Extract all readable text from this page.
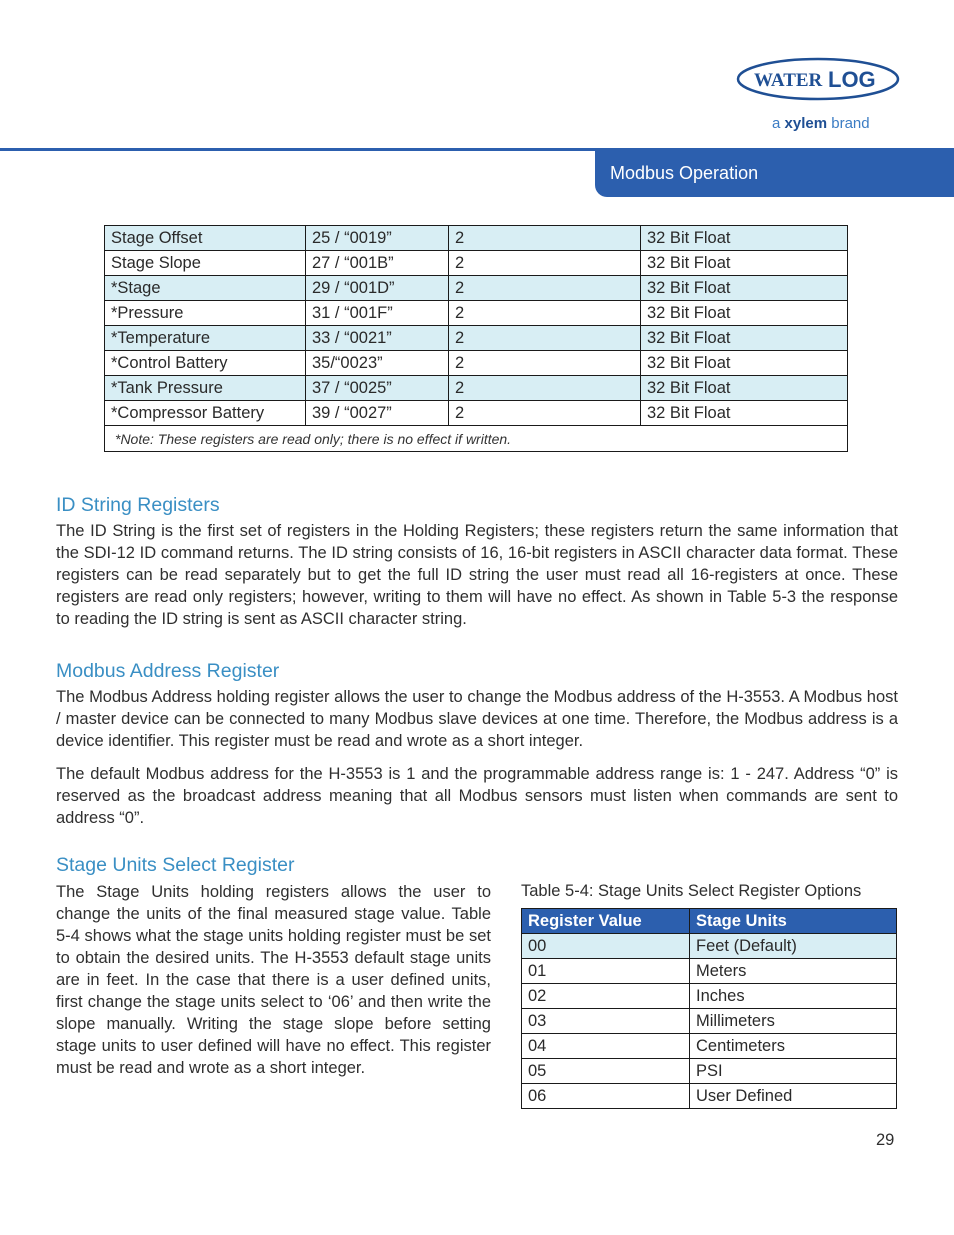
WATER LOG
a xylem brand
Modbus Operation
Stage Offset	25 / “0019”	2	32 Bit Float
Stage Slope	27 / “001B”	2	32 Bit Float
*Stage	29 / “001D”	2	32 Bit Float
*Pressure	31 / “001F”	2	32 Bit Float
*Temperature	33 / “0021”	2	32 Bit Float
*Control Battery	35/“0023”	2	32 Bit Float
*Tank Pressure	37 / “0025”	2	32 Bit Float
*Compressor Battery	39 / “0027”	2	32 Bit Float
*Note: These registers are read only; there is no effect if written.			
ID String Registers

The ID String is the first set of registers in the Holding Registers; these registers return the same information that the SDI-12 ID command returns. The ID string consists of 16, 16-bit registers in ASCII character data format. These registers can be read separately but to get the full ID string the user must read all 16-registers at once. These registers are read only registers; however, writing to them will have no effect. As shown in Table 5-3 the response to reading the ID string is sent as ASCII character string.

Modbus Address Register

The Modbus Address holding register allows the user to change the Modbus address of the H-3553. A Modbus host / master device can be connected to many Modbus slave devices at one time. Therefore, the Modbus address is a device identifier. This register must be read and wrote as a short integer.

The default Modbus address for the H-3553 is 1 and the programmable address range is: 1 - 247. Address “0” is reserved as the broadcast address meaning that all Modbus sensors must listen when commands are sent to address “0”.

Stage Units Select Register

The Stage Units holding registers allows the user to change the units of the final measured stage value. Table 5-4 shows what the stage units holding register must be set to obtain the desired units. The H-3553 default stage units are in feet. In the case that there is a user defined units, first change the stage units select to ‘06’ and then write the slope manually. Writing the stage slope before setting stage units to user defined will have no effect. This register must be read and wrote as a short integer.

Table 5-4: Stage Units Select Register Options
Register Value	Stage Units
00	Feet (Default)
01	Meters
02	Inches
03	Millimeters
04	Centimeters
05	PSI
06	User Defined
29
